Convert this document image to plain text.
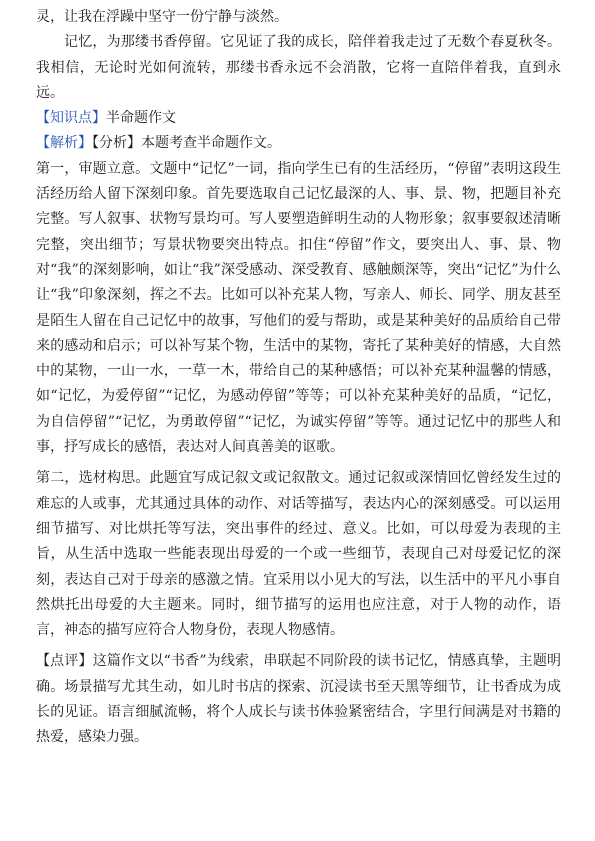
灵，让我在浮躁中坚守一份宁静与淡然。

记忆，为那缕书香停留。它见证了我的成长，陪伴着我走过了无数个春夏秋冬。我相信，无论时光如何流转，那缕书香永远不会消散，它将一直陪伴着我，直到永远。

【知识点】半命题作文

【解析】【分析】本题考查半命题作文。

第一，审题立意。文题中“记忆”一词，指向学生已有的生活经历，“停留”表明这段生活经历给人留下深刻印象。首先要选取自己记忆最深的人、事、景、物，把题目补充完整。写人叙事、状物写景均可。写人要塑造鲜明生动的人物形象；叙事要叙述清晰完整，突出细节；写景状物要突出特点。扣住“停留”作文，要突出人、事、景、物对“我”的深刻影响，如让“我”深受感动、深受教育、感触颇深等，突出“记忆”为什么让“我”印象深刻，挥之不去。比如可以补充某人物，写亲人、师长、同学、朋友甚至是陌生人留在自己记忆中的故事，写他们的爱与帮助，或是某种美好的品质给自己带来的感动和启示；可以补写某个物，生活中的某物，寄托了某种美好的情感，大自然中的某物，一山一水，一草一木，带给自己的某种感悟；可以补充某种温馨的情感，如“记忆，为爱停留”“记忆，为感动停留”等等；可以补充某种美好的品质，“记忆，为自信停留”“记忆，为勇敢停留”“记忆，为诚实停留”等等。通过记忆中的那些人和事，抒写成长的感悟，表达对人间真善美的讴歌。

第二，选材构思。此题宜写成记叙文或记叙散文。通过记叙或深情回忆曾经发生过的难忘的人或事，尤其通过具体的动作、对话等描写，表达内心的深刻感受。可以运用细节描写、对比烘托等写法，突出事件的经过、意义。比如，可以母爱为表现的主旨，从生活中选取一些能表现出母爱的一个或一些细节，表现自己对母爱记忆的深刻，表达自己对于母亲的感激之情。宜采用以小见大的写法，以生活中的平凡小事自然烘托出母爱的大主题来。同时，细节描写的运用也应注意，对于人物的动作，语言，神态的描写应符合人物身份，表现人物感情。

【点评】这篇作文以“书香”为线索，串联起不同阶段的读书记忆，情感真挚，主题明确。场景描写尤其生动，如儿时书店的探索、沉浸读书至天黑等细节，让书香成为成长的见证。语言细腻流畅，将个人成长与读书体验紧密结合，字里行间满是对书籍的热爱，感染力强。
